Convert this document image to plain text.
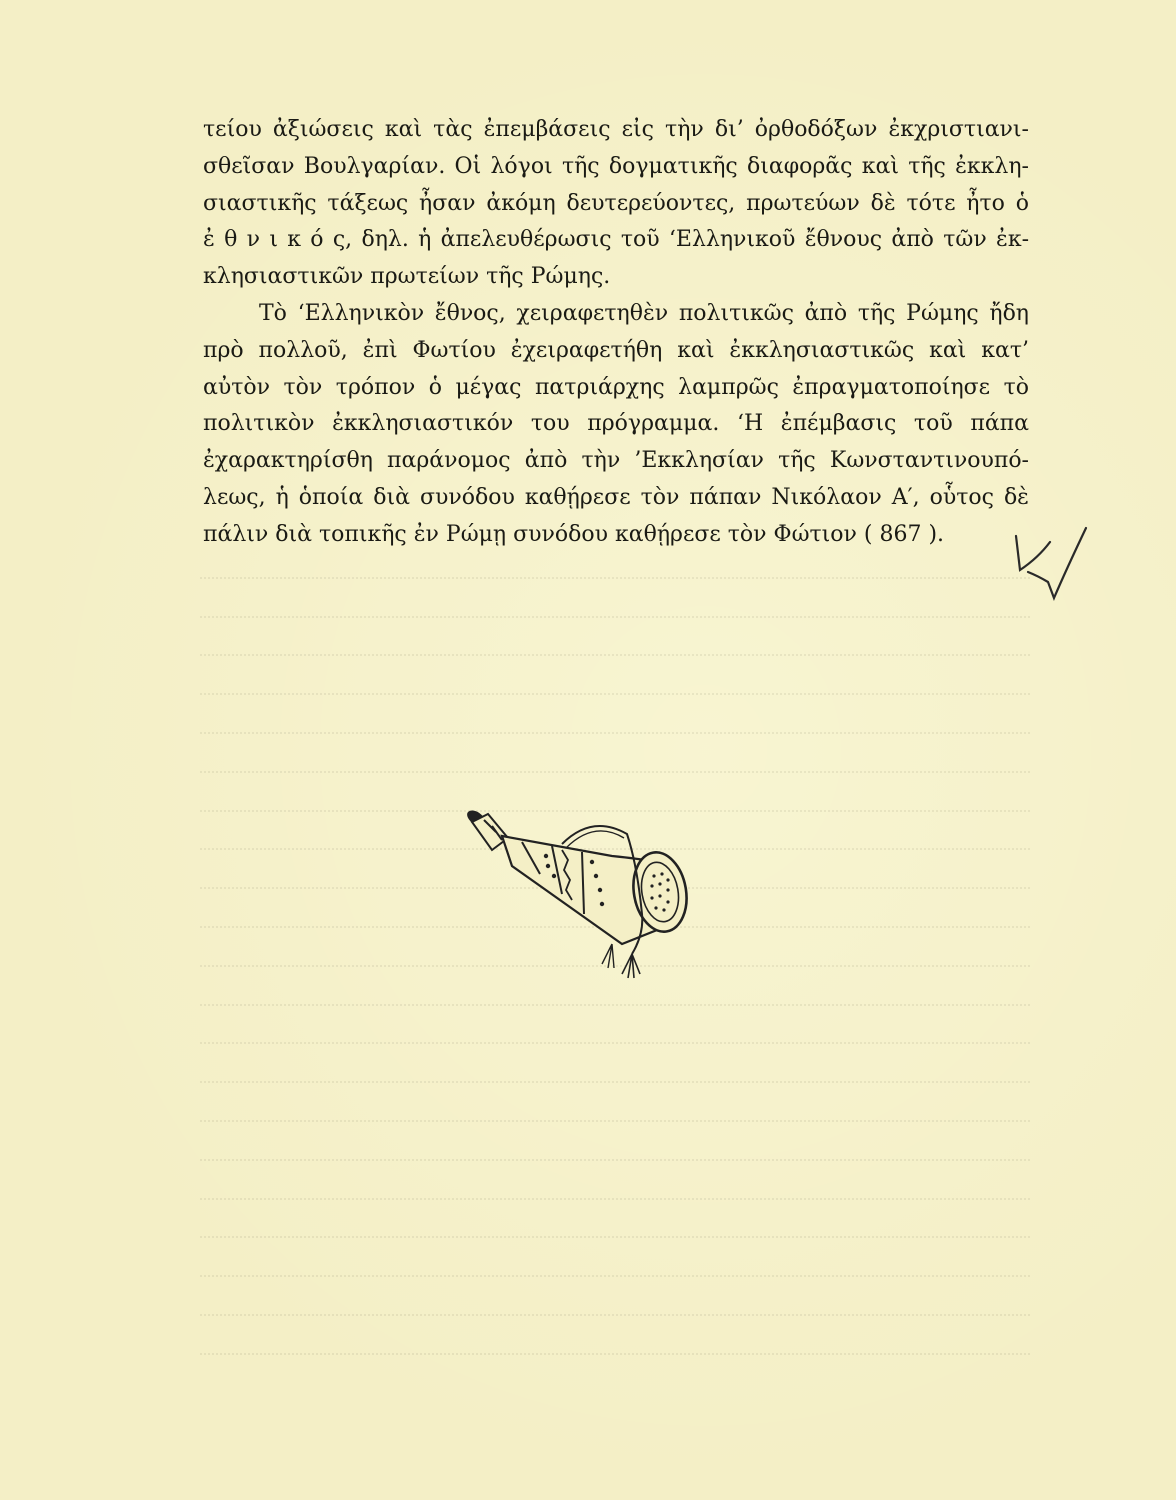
τείου ἀξιώσεις καὶ τὰς ἐπεμβάσεις εἰς τὴν δι’ ὀρθοδόξων ἐκχριστιανι-
σθεῖσαν Βουλγαρίαν. Οἱ λόγοι τῆς δογματικῆς διαφορᾶς καὶ τῆς ἐκκλη-
σιαστικῆς τάξεως ἦσαν ἀκόμη δευτερεύοντες, πρωτεύων δὲ τότε ἦτο ὁ
ἐ θ ν ι κ ό ς, δηλ. ἡ ἀπελευθέρωσις τοῦ ‘Ελληνικοῦ ἔθνους ἀπὸ τῶν ἐκ-
κλησιαστικῶν πρωτείων τῆς Ρώμης.
Τὸ ‘Ελληνικὸν ἔθνος, χειραφετηθὲν πολιτικῶς ἀπὸ τῆς Ρώμης ἤδη
πρὸ πολλοῦ, ἐπὶ Φωτίου ἐχειραφετήθη καὶ ἐκκλησιαστικῶς καὶ κατ’
αὐτὸν τὸν τρόπον ὁ μέγας πατριάρχης λαμπρῶς ἐπραγματοποίησε τὸ
πολιτικὸν ἐκκλησιαστικόν του πρόγραμμα. ‘Η ἐπέμβασις τοῦ πάπα
ἐχαρακτηρίσθη παράνομος ἀπὸ τὴν ’Εκκλησίαν τῆς Κωνσταντινουπό-
λεως, ἡ ὁποία διὰ συνόδου καθῄρεσε τὸν πάπαν Νικόλαον Α′, οὗτος δὲ
πάλιν διὰ τοπικῆς ἐν Ρώμῃ συνόδου καθῄρεσε τὸν Φώτιον ( 867 ).
